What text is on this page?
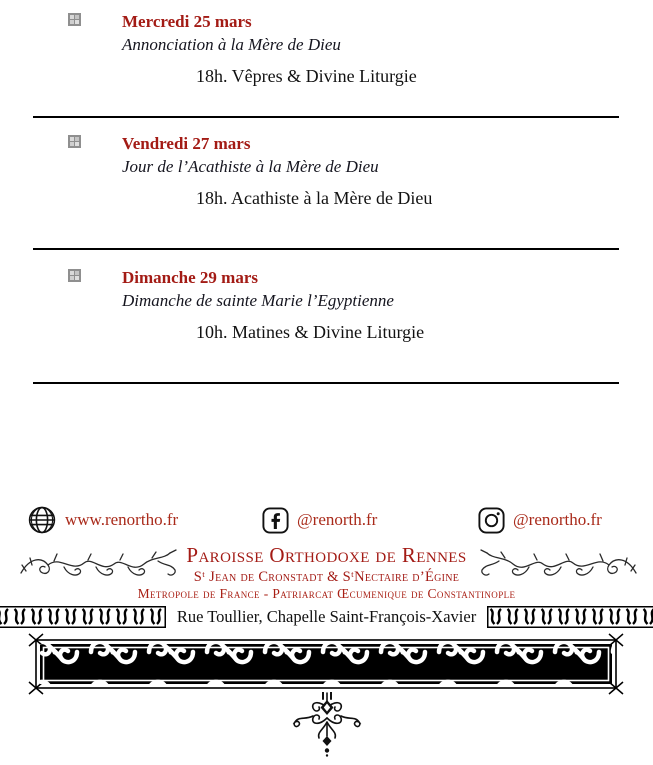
Mercredi 25 mars
Annonciation à la Mère de Dieu
18h. Vêpres & Divine Liturgie
Vendredi 27 mars
Jour de l’Acathiste à la Mère de Dieu
18h. Acathiste à la Mère de Dieu
Dimanche 29 mars
Dimanche de sainte Marie l’Egyptienne
10h. Matines & Divine Liturgie
www.renortho.fr	@renorth.fr	@renortho.fr
Paroisse Orthodoxe de Rennes
Sᵗ Jean de Cronstadt & SᵗNectaire d’Égine
Metropole de France - Patriarcat Œcumenique de Constantinople
Rue Toullier, Chapelle Saint-François-Xavier
